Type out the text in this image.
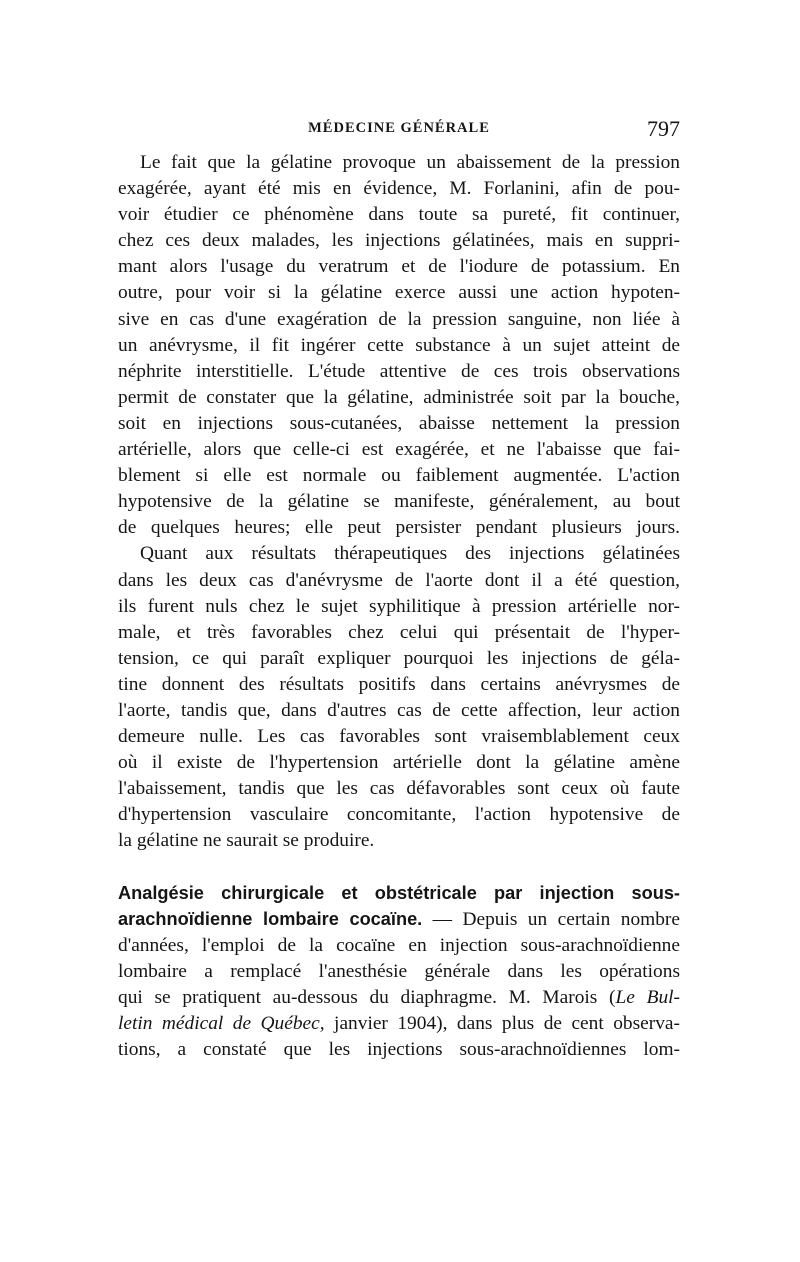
MÉDECINE GÉNÉRALE	797
Le fait que la gélatine provoque un abaissement de la pression
exagérée, ayant été mis en évidence, M. Forlanini, afin de pou-
voir étudier ce phénomène dans toute sa pureté, fit continuer,
chez ces deux malades, les injections gélatinées, mais en suppri-
mant alors l'usage du veratrum et de l'iodure de potassium. En
outre, pour voir si la gélatine exerce aussi une action hypoten-
sive en cas d'une exagération de la pression sanguine, non liée à
un anévrysme, il fit ingérer cette substance à un sujet atteint de
néphrite interstitielle. L'étude attentive de ces trois observations
permit de constater que la gélatine, administrée soit par la bouche,
soit en injections sous-cutanées, abaisse nettement la pression
artérielle, alors que celle-ci est exagérée, et ne l'abaisse que fai-
blement si elle est normale ou faiblement augmentée. L'action
hypotensive de la gélatine se manifeste, généralement, au bout
de quelques heures; elle peut persister pendant plusieurs jours.
Quant aux résultats thérapeutiques des injections gélatinées
dans les deux cas d'anévrysme de l'aorte dont il a été question,
ils furent nuls chez le sujet syphilitique à pression artérielle nor-
male, et très favorables chez celui qui présentait de l'hyper-
tension, ce qui paraît expliquer pourquoi les injections de géla-
tine donnent des résultats positifs dans certains anévrysmes de
l'aorte, tandis que, dans d'autres cas de cette affection, leur action
demeure nulle. Les cas favorables sont vraisemblablement ceux
où il existe de l'hypertension artérielle dont la gélatine amène
l'abaissement, tandis que les cas défavorables sont ceux où faute
d'hypertension vasculaire concomitante, l'action hypotensive de
la gélatine ne saurait se produire.
Analgésie chirurgicale et obstétricale par injection sous-
arachnoïdienne lombaire cocaïne. — Depuis un certain nombre
d'années, l'emploi de la cocaïne en injection sous-arachnoïdienne
lombaire a remplacé l'anesthésie générale dans les opérations
qui se pratiquent au-dessous du diaphragme. M. Marois (Le Bul-
letin médical de Québec, janvier 1904), dans plus de cent observa-
tions, a constaté que les injections sous-arachnoïdiennes lom-
